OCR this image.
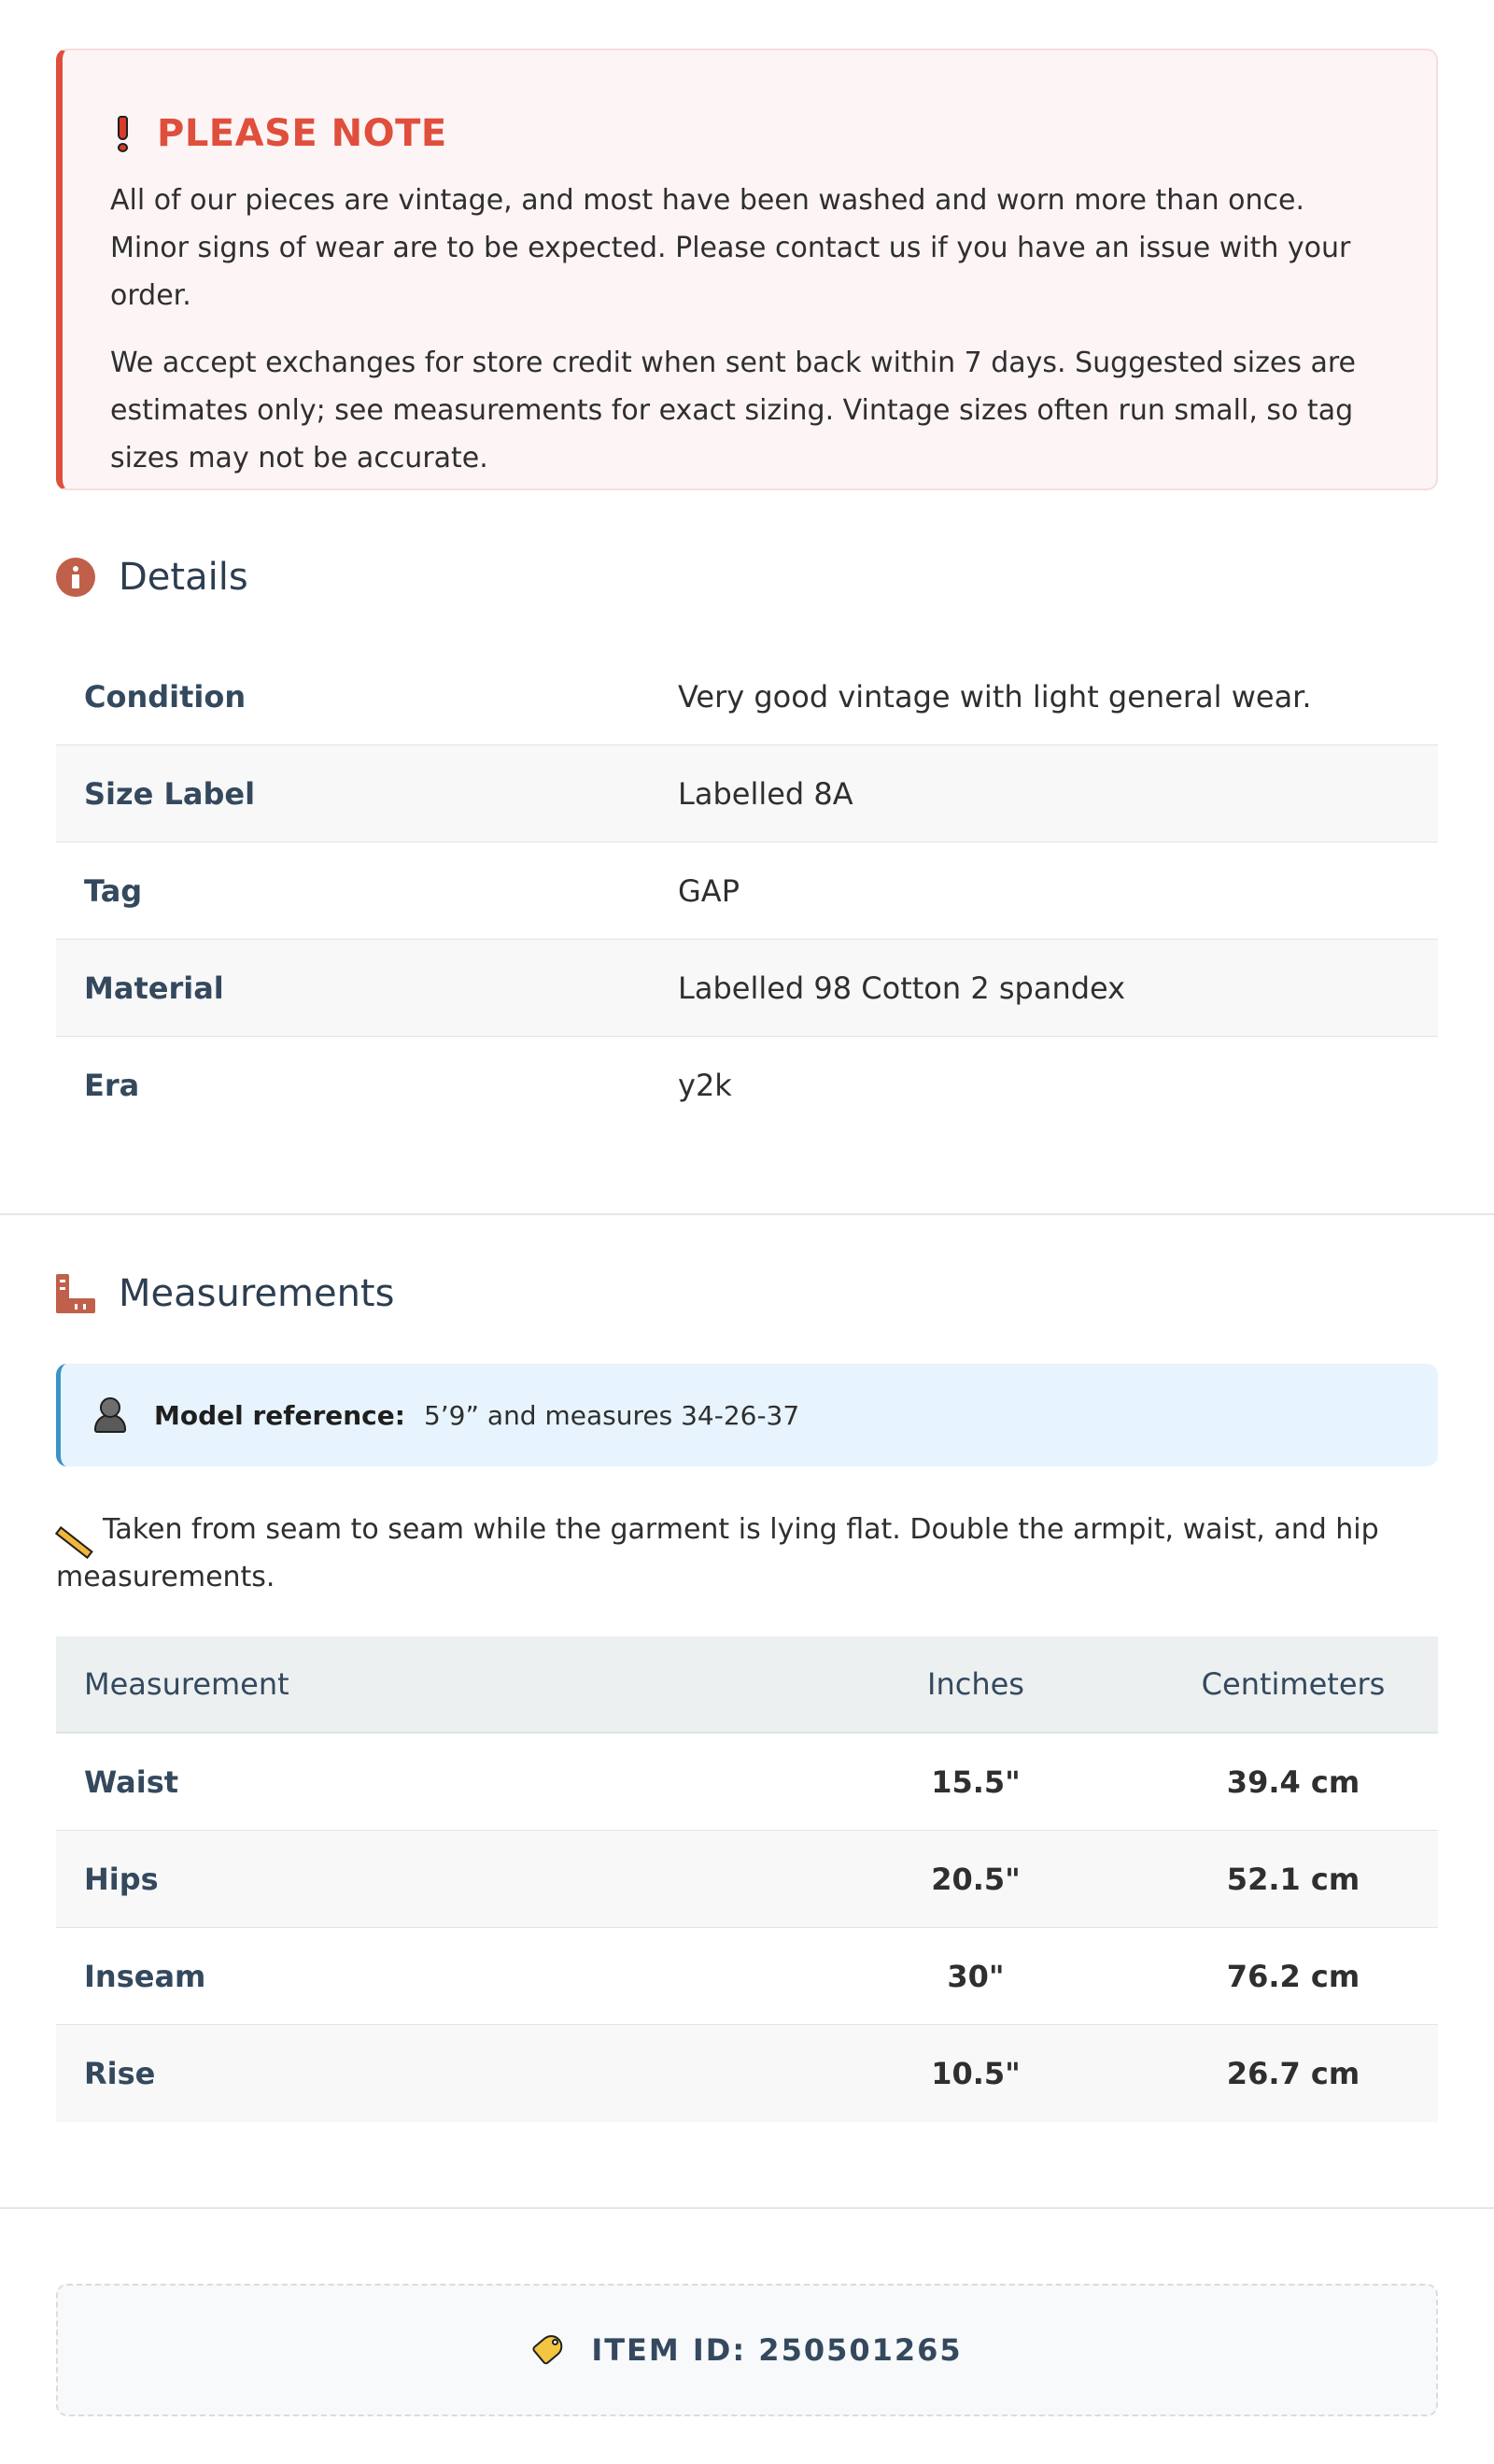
PLEASE NOTE

All of our pieces are vintage, and most have been washed and worn more than once. Minor signs of wear are to be expected. Please contact us if you have an issue with your order.

We accept exchanges for store credit when sent back within 7 days. Suggested sizes are estimates only; see measurements for exact sizing. Vintage sizes often run small, so tag sizes may not be accurate.

Details
Condition	Very good vintage with light general wear.
Size Label	Labelled 8A
Tag	GAP
Material	Labelled 98 Cotton 2 spandex
Era	y2k
Measurements
Model reference: 5’9” and measures 34-26-37
Taken from seam to seam while the garment is lying flat. Double the armpit, waist, and hip measurements.
Measurement	Inches	Centimeters
Waist	15.5"	39.4 cm
Hips	20.5"	52.1 cm
Inseam	30"	76.2 cm
Rise	10.5"	26.7 cm
ITEM ID: 250501265
